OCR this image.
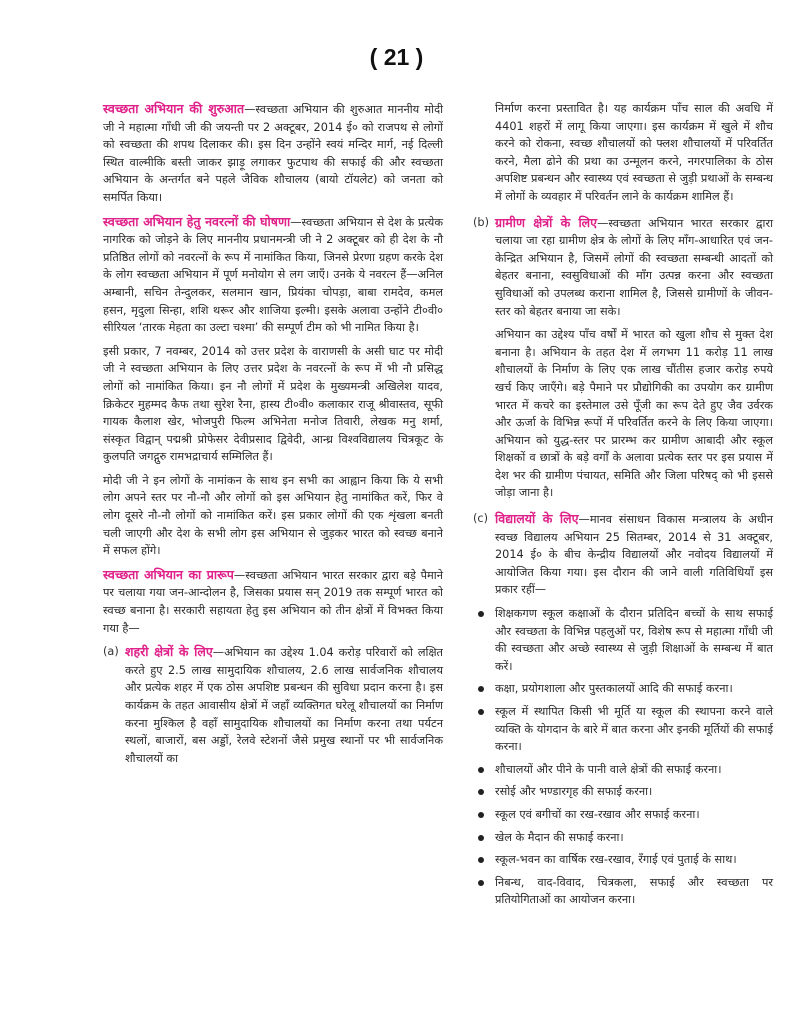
( 21 )

स्वच्छता अभियान की शुरुआत—स्वच्छता अभियान की शुरुआत माननीय मोदी जी ने महात्मा गाँधी जी की जयन्ती पर 2 अक्टूबर, 2014 ई० को राजपथ से लोगों को स्वच्छता की शपथ दिलाकर की। इस दिन उन्होंने स्वयं मन्दिर मार्ग, नई दिल्ली स्थित वाल्मीकि बस्ती जाकर झाड़ू लगाकर फुटपाथ की सफाई की और स्वच्छता अभियान के अन्तर्गत बने पहले जैविक शौचालय (बायो टॉयलेट) को जनता को समर्पित किया।

स्वच्छता अभियान हेतु नवरत्नों की घोषणा—स्वच्छता अभियान से देश के प्रत्येक नागरिक को जोड़ने के लिए माननीय प्रधानमन्त्री जी ने 2 अक्टूबर को ही देश के नौ प्रतिष्ठित लोगों को नवरत्नों के रूप में नामांकित किया, जिनसे प्रेरणा ग्रहण करके देश के लोग स्वच्छता अभियान में पूर्ण मनोयोग से लग जाएँ। उनके ये नवरत्न हैं—अनिल अम्बानी, सचिन तेन्दुलकर, सलमान खान, प्रियंका चोपड़ा, बाबा रामदेव, कमल हसन, मृदुला सिन्हा, शशि थरूर और शाजिया इल्मी। इसके अलावा उन्होंने टी०वी० सीरियल ‘तारक मेहता का उल्टा चश्मा’ की सम्पूर्ण टीम को भी नामित किया है।

इसी प्रकार, 7 नवम्बर, 2014 को उत्तर प्रदेश के वाराणसी के असी घाट पर मोदी जी ने स्वच्छता अभियान के लिए उत्तर प्रदेश के नवरत्नों के रूप में भी नौ प्रसिद्ध लोगों को नामांकित किया। इन नौ लोगों में प्रदेश के मुख्यमन्त्री अखिलेश यादव, क्रिकेटर मुहम्मद कैफ तथा सुरेश रैना, हास्य टी०वी० कलाकार राजू श्रीवास्तव, सूफी गायक कैलाश खेर, भोजपुरी फिल्म अभिनेता मनोज तिवारी, लेखक मनु शर्मा, संस्कृत विद्वान् पद्मश्री प्रोफेसर देवीप्रसाद द्विवेदी, आन्ध्र विश्वविद्यालय चित्रकूट के कुलपति जगद्गुरु रामभद्राचार्य सम्मिलित हैं।

मोदी जी ने इन लोगों के नामांकन के साथ इन सभी का आह्वान किया कि ये सभी लोग अपने स्तर पर नौ-नौ और लोगों को इस अभियान हेतु नामांकित करें, फिर वे लोग दूसरे नौ-नौ लोगों को नामांकित करें। इस प्रकार लोगों की एक शृंखला बनती चली जाएगी और देश के सभी लोग इस अभियान से जुड़कर भारत को स्वच्छ बनाने में सफल होंगे।

स्वच्छता अभियान का प्रारूप—स्वच्छता अभियान भारत सरकार द्वारा बड़े पैमाने पर चलाया गया जन-आन्दोलन है, जिसका प्रयास सन् 2019 तक सम्पूर्ण भारत को स्वच्छ बनाना है। सरकारी सहायता हेतु इस अभियान को तीन क्षेत्रों में विभक्त किया गया है—

(a) शहरी क्षेत्रों के लिए—अभियान का उद्देश्य 1.04 करोड़ परिवारों को लक्षित करते हुए 2.5 लाख सामुदायिक शौचालय, 2.6 लाख सार्वजनिक शौचालय और प्रत्येक शहर में एक ठोस अपशिष्ट प्रबन्धन की सुविधा प्रदान करना है। इस कार्यक्रम के तहत आवासीय क्षेत्रों में जहाँ व्यक्तिगत घरेलू शौचालयों का निर्माण करना मुश्किल है वहाँ सामुदायिक शौचालयों का निर्माण करना तथा पर्यटन स्थलों, बाजारों, बस अड्डों, रेलवे स्टेशनों जैसे प्रमुख स्थानों पर भी सार्वजनिक शौचालयों का
निर्माण करना प्रस्तावित है। यह कार्यक्रम पाँच साल की अवधि में 4401 शहरों में लागू किया जाएगा। इस कार्यक्रम में खुले में शौच करने को रोकना, स्वच्छ शौचालयों को फ्लश शौचालयों में परिवर्तित करने, मैला ढोने की प्रथा का उन्मूलन करने, नगरपालिका के ठोस अपशिष्ट प्रबन्धन और स्वास्थ्य एवं स्वच्छता से जुड़ी प्रथाओं के सम्बन्ध में लोगों के व्यवहार में परिवर्तन लाने के कार्यक्रम शामिल हैं।
(b) ग्रामीण क्षेत्रों के लिए—स्वच्छता अभियान भारत सरकार द्वारा चलाया जा रहा ग्रामीण क्षेत्र के लोगों के लिए माँग-आधारित एवं जन-केन्द्रित अभियान है, जिसमें लोगों की स्वच्छता सम्बन्धी आदतों को बेहतर बनाना, स्वसुविधाओं की माँग उत्पन्न करना और स्वच्छता सुविधाओं को उपलब्ध कराना शामिल है, जिससे ग्रामीणों के जीवन-स्तर को बेहतर बनाया जा सके।
अभियान का उद्देश्य पाँच वर्षों में भारत को खुला शौच से मुक्त देश बनाना है। अभियान के तहत देश में लगभग 11 करोड़ 11 लाख शौचालयों के निर्माण के लिए एक लाख चौंतीस हजार करोड़ रुपये खर्च किए जाएँगे। बड़े पैमाने पर प्रौद्योगिकी का उपयोग कर ग्रामीण भारत में कचरे का इस्तेमाल उसे पूँजी का रूप देते हुए जैव उर्वरक और ऊर्जा के विभिन्न रूपों में परिवर्तित करने के लिए किया जाएगा। अभियान को युद्ध-स्तर पर प्रारम्भ कर ग्रामीण आबादी और स्कूल शिक्षकों व छात्रों के बड़े वर्गों के अलावा प्रत्येक स्तर पर इस प्रयास में देश भर की ग्रामीण पंचायत, समिति और जिला परिषद् को भी इससे जोड़ा जाना है।
(c) विद्यालयों के लिए—मानव संसाधन विकास मन्त्रालय के अधीन स्वच्छ विद्यालय अभियान 25 सितम्बर, 2014 से 31 अक्टूबर, 2014 ई० के बीच केन्द्रीय विद्यालयों और नवोदय विद्यालयों में आयोजित किया गया। इस दौरान की जाने वाली गतिविधियाँ इस प्रकार रहीं—
शिक्षकगण स्कूल कक्षाओं के दौरान प्रतिदिन बच्चों के साथ सफाई और स्वच्छता के विभिन्न पहलुओं पर, विशेष रूप से महात्मा गाँधी जी की स्वच्छता और अच्छे स्वास्थ्य से जुड़ी शिक्षाओं के सम्बन्ध में बात करें।
कक्षा, प्रयोगशाला और पुस्तकालयों आदि की सफाई करना।
स्कूल में स्थापित किसी भी मूर्ति या स्कूल की स्थापना करने वाले व्यक्ति के योगदान के बारे में बात करना और इनकी मूर्तियों की सफाई करना।
शौचालयों और पीने के पानी वाले क्षेत्रों की सफाई करना।
रसोई और भण्डारगृह की सफाई करना।
स्कूल एवं बगीचों का रख-रखाव और सफाई करना।
खेल के मैदान की सफाई करना।
स्कूल-भवन का वार्षिक रख-रखाव, रँगाई एवं पुताई के साथ।
निबन्ध, वाद-विवाद, चित्रकला, सफाई और स्वच्छता पर प्रतियोगिताओं का आयोजन करना।
